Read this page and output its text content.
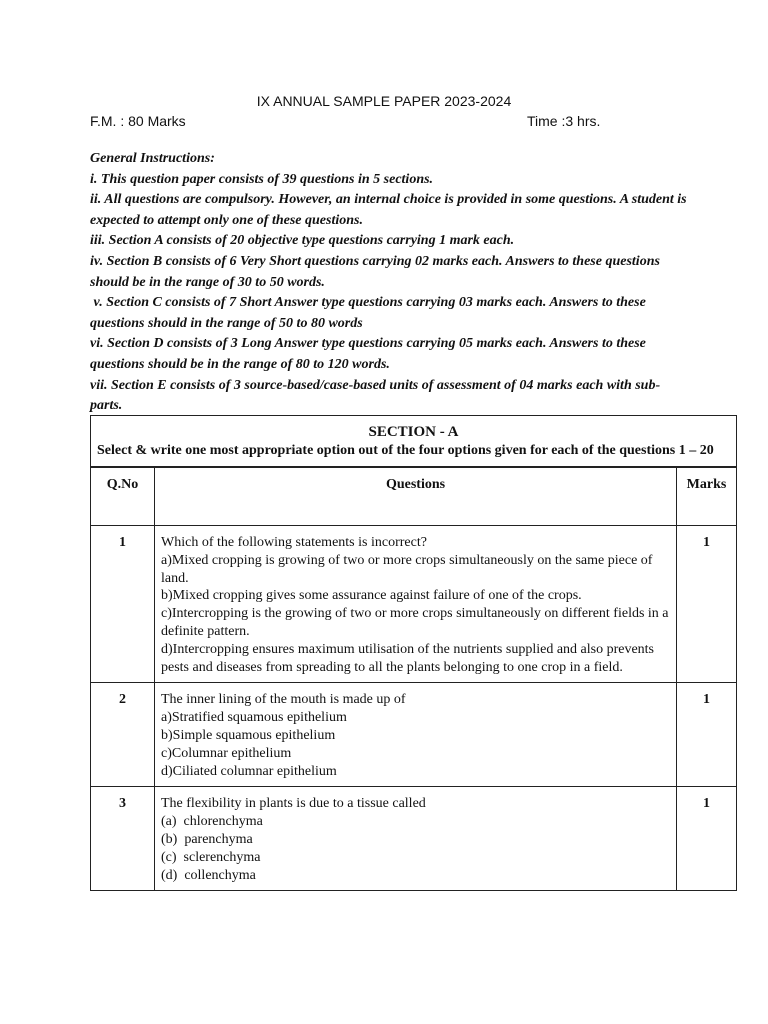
IX ANNUAL SAMPLE PAPER 2023-2024
F.M. : 80 Marks	Time :3 hrs.
General Instructions:
i. This question paper consists of 39 questions in 5 sections.
ii. All questions are compulsory. However, an internal choice is provided in some questions. A student is expected to attempt only one of these questions.
iii. Section A consists of 20 objective type questions carrying 1 mark each.
iv. Section B consists of 6 Very Short questions carrying 02 marks each. Answers to these questions should be in the range of 30 to 50 words.
v. Section C consists of 7 Short Answer type questions carrying 03 marks each. Answers to these questions should in the range of 50 to 80 words
vi. Section D consists of 3 Long Answer type questions carrying 05 marks each. Answers to these questions should be in the range of 80 to 120 words.
vii. Section E consists of 3 source-based/case-based units of assessment of 04 marks each with sub-parts.
SECTION - A
Select & write one most appropriate option out of the four options given for each of the questions 1 – 20		

Q.No	Questions	Marks
1	Which of the following statements is incorrect?
a)Mixed cropping is growing of two or more crops simultaneously on the same piece of land.
b)Mixed cropping gives some assurance against failure of one of the crops.
c)Intercropping is the growing of two or more crops simultaneously on different fields in a definite pattern.
d)Intercropping ensures maximum utilisation of the nutrients supplied and also prevents pests and diseases from spreading to all the plants belonging to one crop in a field.	1
2	The inner lining of the mouth is made up of
a)Stratified squamous epithelium
b)Simple squamous epithelium
c)Columnar epithelium
d)Ciliated columnar epithelium	1
3	The flexibility in plants is due to a tissue called
(a)  chlorenchyma
(b)  parenchyma
(c)  sclerenchyma
(d)  collenchyma	1
